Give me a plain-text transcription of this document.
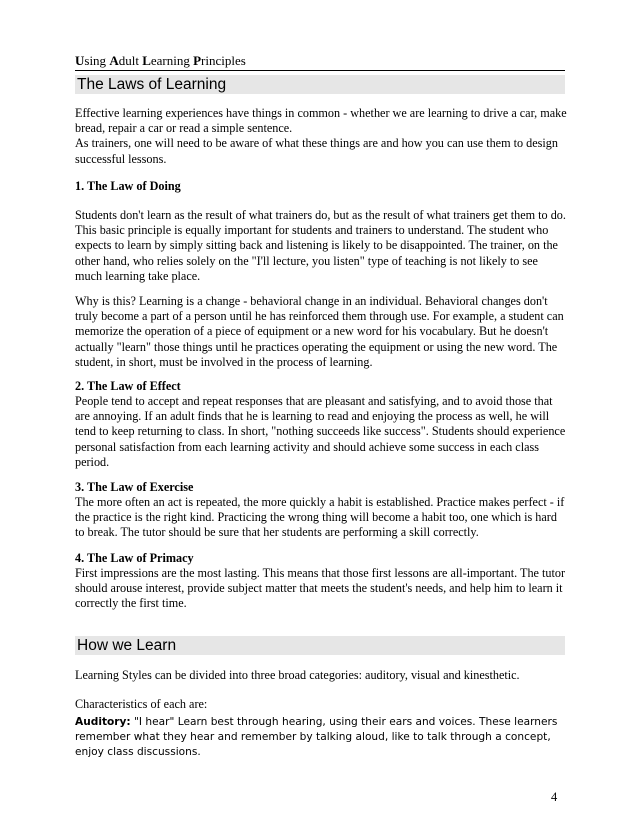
Using Adult Learning Principles
The Laws of Learning

Effective learning experiences have things in common - whether we are learning to drive a car, make bread, repair a car or read a simple sentence.
As trainers, one will need to be aware of what these things are and how you can use them to design successful lessons.

1. The Law of Doing

Students don't learn as the result of what trainers do, but as the result of what trainers get them to do. This basic principle is equally important for students and trainers to understand. The student who expects to learn by simply sitting back and listening is likely to be disappointed. The trainer, on the other hand, who relies solely on the "I'll lecture, you listen" type of teaching is not likely to see much learning take place.

Why is this? Learning is a change - behavioral change in an individual. Behavioral changes don't truly become a part of a person until he has reinforced them through use. For example, a student can memorize the operation of a piece of equipment or a new word for his vocabulary. But he doesn't actually "learn" those things until he practices operating the equipment or using the new word. The student, in short, must be involved in the process of learning.

2. The Law of Effect

People tend to accept and repeat responses that are pleasant and satisfying, and to avoid those that are annoying. If an adult finds that he is learning to read and enjoying the process as well, he will tend to keep returning to class. In short, "nothing succeeds like success". Students should experience personal satisfaction from each learning activity and should achieve some success in each class period.

3. The Law of Exercise

The more often an act is repeated, the more quickly a habit is established. Practice makes perfect - if the practice is the right kind. Practicing the wrong thing will become a habit too, one which is hard to break. The tutor should be sure that her students are performing a skill correctly.

4. The Law of Primacy

First impressions are the most lasting. This means that those first lessons are all-important. The tutor should arouse interest, provide subject matter that meets the student's needs, and help him to learn it correctly the first time.

How we Learn

Learning Styles can be divided into three broad categories: auditory, visual and kinesthetic.

Characteristics of each are:

Auditory: "I hear" Learn best through hearing, using their ears and voices. These learners remember what they hear and remember by talking aloud, like to talk through a concept, enjoy class discussions.

4
